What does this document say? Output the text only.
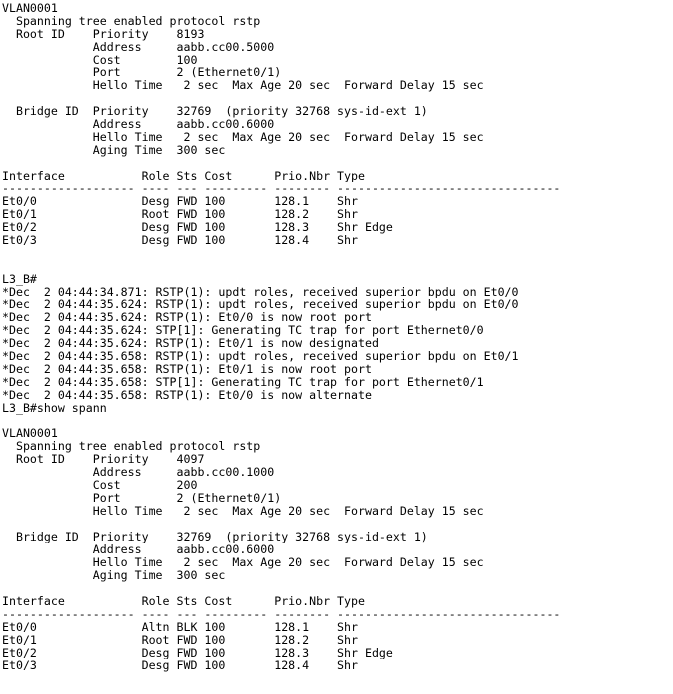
VLAN0001
Spanning tree enabled protocol rstp
Root ID    Priority    8193
Address     aabb.cc00.5000
Cost        100
Port        2 (Ethernet0/1)
Hello Time   2 sec  Max Age 20 sec  Forward Delay 15 sec
Bridge ID  Priority    32769  (priority 32768 sys-id-ext 1)
Address     aabb.cc00.6000
Hello Time   2 sec  Max Age 20 sec  Forward Delay 15 sec
Aging Time  300 sec
Interface           Role Sts Cost      Prio.Nbr Type
------------------- ---- --- --------- -------- --------------------------------
Et0/0               Desg FWD 100       128.1    Shr
Et0/1               Root FWD 100       128.2    Shr
Et0/2               Desg FWD 100       128.3    Shr Edge
Et0/3               Desg FWD 100       128.4    Shr
L3_B#
*Dec  2 04:44:34.871: RSTP(1): updt roles, received superior bpdu on Et0/0
*Dec  2 04:44:35.624: RSTP(1): updt roles, received superior bpdu on Et0/0
*Dec  2 04:44:35.624: RSTP(1): Et0/0 is now root port
*Dec  2 04:44:35.624: STP[1]: Generating TC trap for port Ethernet0/0
*Dec  2 04:44:35.624: RSTP(1): Et0/1 is now designated
*Dec  2 04:44:35.658: RSTP(1): updt roles, received superior bpdu on Et0/1
*Dec  2 04:44:35.658: RSTP(1): Et0/1 is now root port
*Dec  2 04:44:35.658: STP[1]: Generating TC trap for port Ethernet0/1
*Dec  2 04:44:35.658: RSTP(1): Et0/0 is now alternate
L3_B#show spann
VLAN0001
Spanning tree enabled protocol rstp
Root ID    Priority    4097
Address     aabb.cc00.1000
Cost        200
Port        2 (Ethernet0/1)
Hello Time   2 sec  Max Age 20 sec  Forward Delay 15 sec
Bridge ID  Priority    32769  (priority 32768 sys-id-ext 1)
Address     aabb.cc00.6000
Hello Time   2 sec  Max Age 20 sec  Forward Delay 15 sec
Aging Time  300 sec
Interface           Role Sts Cost      Prio.Nbr Type
------------------- ---- --- --------- -------- --------------------------------
Et0/0               Altn BLK 100       128.1    Shr
Et0/1               Root FWD 100       128.2    Shr
Et0/2               Desg FWD 100       128.3    Shr Edge
Et0/3               Desg FWD 100       128.4    Shr
